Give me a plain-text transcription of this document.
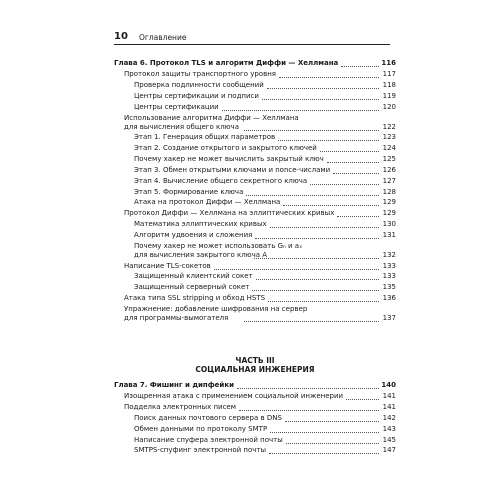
10 Оглавление
Глава 6. Протокол TLS и алгоритм Диффи — Хеллмана	116
Протокол защиты транспортного уровня	117
Проверка подлинности сообщений	118
Центры сертификации и подписи	119
Центры сертификации	120
Использование алгоритма Диффи — Хеллмана для вычисления общего ключа	122
Этап 1. Генерация общих параметров	123
Этап 2. Создание открытого и закрытого ключей	124
Почему хакер не может вычислить закрытый ключ	125
Этап 3. Обмен открытыми ключами и nonce-числами	126
Этап 4. Вычисление общего секретного ключа	127
Этап 5. Формирование ключа	128
Атака на протокол Диффи — Хеллмана	129
Протокол Диффи — Хеллмана на эллиптических кривых	129
Математика эллиптических кривых	130
Алгоритм удвоения и сложения	131
Почему хакер не может использовать Gₙ и aₓ для вычисления закрытого ключа A	132
Написание TLS-сокетов	133
Защищенный клиентский сокет	133
Защищенный серверный сокет	135
Атака типа SSL stripping и обход HSTS	136
Упражнение: добавление шифрования на сервер для программы-вымогателя	137
ЧАСТЬ III
СОЦИАЛЬНАЯ ИНЖЕНЕРИЯ
Глава 7. Фишинг и дипфейки	140
Изощренная атака с применением социальной инженерии	141
Подделка электронных писем	141
Поиск данных почтового сервера в DNS	142
Обмен данными по протоколу SMTP	143
Написание спуфера электронной почты	145
SMTPS-спуфинг электронной почты	147
